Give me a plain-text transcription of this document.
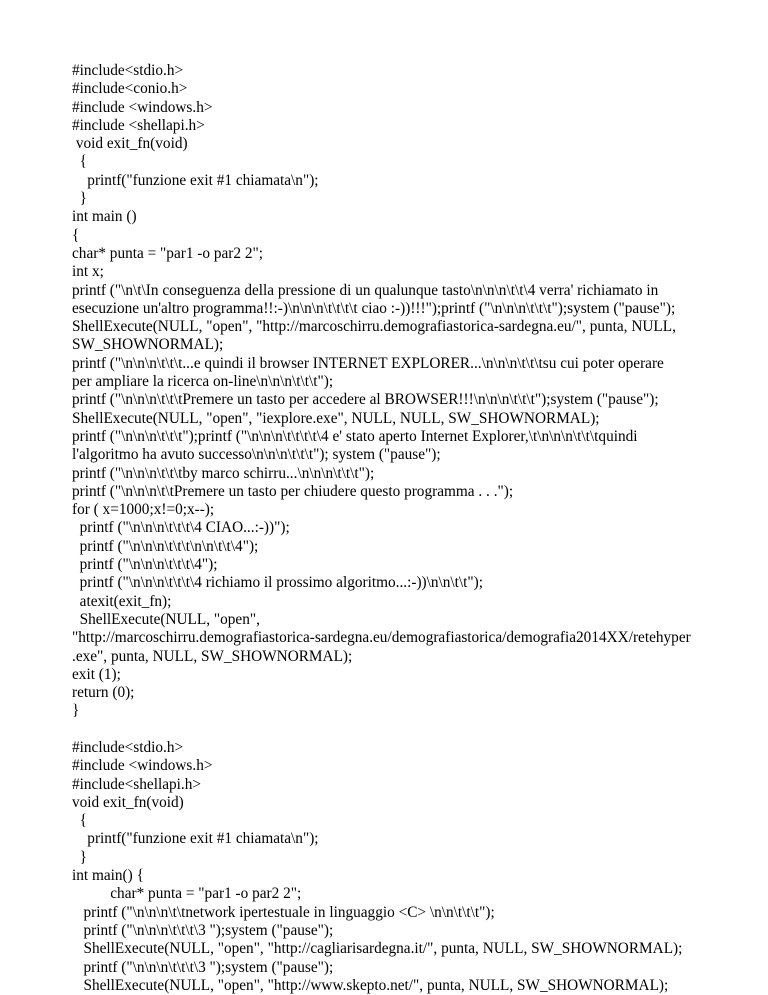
#include<stdio.h>
#include<conio.h>
#include <windows.h>
#include <shellapi.h>
void exit_fn(void)
{
printf("funzione exit #1 chiamata\n");
}
int main ()
{
char* punta = "par1 -o par2 2";
int x;
printf ("\n\t\In conseguenza della pressione di un qualunque tasto\n\n\n\t\t\4 verra' richiamato in
esecuzione un'altro programma!!:-)\n\n\n\t\t\t\t ciao :-))!!!");printf ("\n\n\n\t\t\t");system ("pause");
ShellExecute(NULL, "open", "http://marcoschirru.demografiastorica-sardegna.eu/", punta, NULL,
SW_SHOWNORMAL);
printf ("\n\n\n\t\t\t...e quindi il browser INTERNET EXPLORER...\n\n\n\t\t\tsu cui poter operare
per ampliare la ricerca on-line\n\n\n\t\t\t");
printf ("\n\n\n\t\t\tPremere un tasto per accedere al BROWSER!!!\n\n\n\t\t\t");system ("pause");
ShellExecute(NULL, "open", "iexplore.exe", NULL, NULL, SW_SHOWNORMAL);
printf ("\n\n\n\t\t\t");printf ("\n\n\n\t\t\t\t\4 e' stato aperto Internet Explorer,\t\n\n\n\t\t\tquindi
l'algoritmo ha avuto successo\n\n\n\t\t\t"); system ("pause");
printf ("\n\n\n\t\t\tby marco schirru...\n\n\n\t\t\t");
printf ("\n\n\n\t\tPremere un tasto per chiudere questo programma . . .");
for ( x=1000;x!=0;x--);
printf ("\n\n\n\t\t\t\4 CIAO...:-))");
printf ("\n\n\n\t\t\t\n\n\t\t\4");
printf ("\n\n\n\t\t\t\4");
printf ("\n\n\n\t\t\t\4 richiamo il prossimo algoritmo...:-))\n\n\t\t");
atexit(exit_fn);
ShellExecute(NULL, "open",
"http://marcoschirru.demografiastorica-sardegna.eu/demografiastorica/demografia2014XX/retehyper
.exe", punta, NULL, SW_SHOWNORMAL);
exit (1);
return (0);
}
#include<stdio.h>
#include <windows.h>
#include<shellapi.h>
void exit_fn(void)
{
printf("funzione exit #1 chiamata\n");
}
int main() {
char* punta = "par1 -o par2 2";
printf ("\n\n\n\t\tnetwork ipertestuale in linguaggio <C> \n\n\t\t\t");
printf ("\n\n\n\t\t\t\3 ");system ("pause");
ShellExecute(NULL, "open", "http://cagliarisardegna.it/", punta, NULL, SW_SHOWNORMAL);
printf ("\n\n\n\t\t\t\3 ");system ("pause");
ShellExecute(NULL, "open", "http://www.skepto.net/", punta, NULL, SW_SHOWNORMAL);
